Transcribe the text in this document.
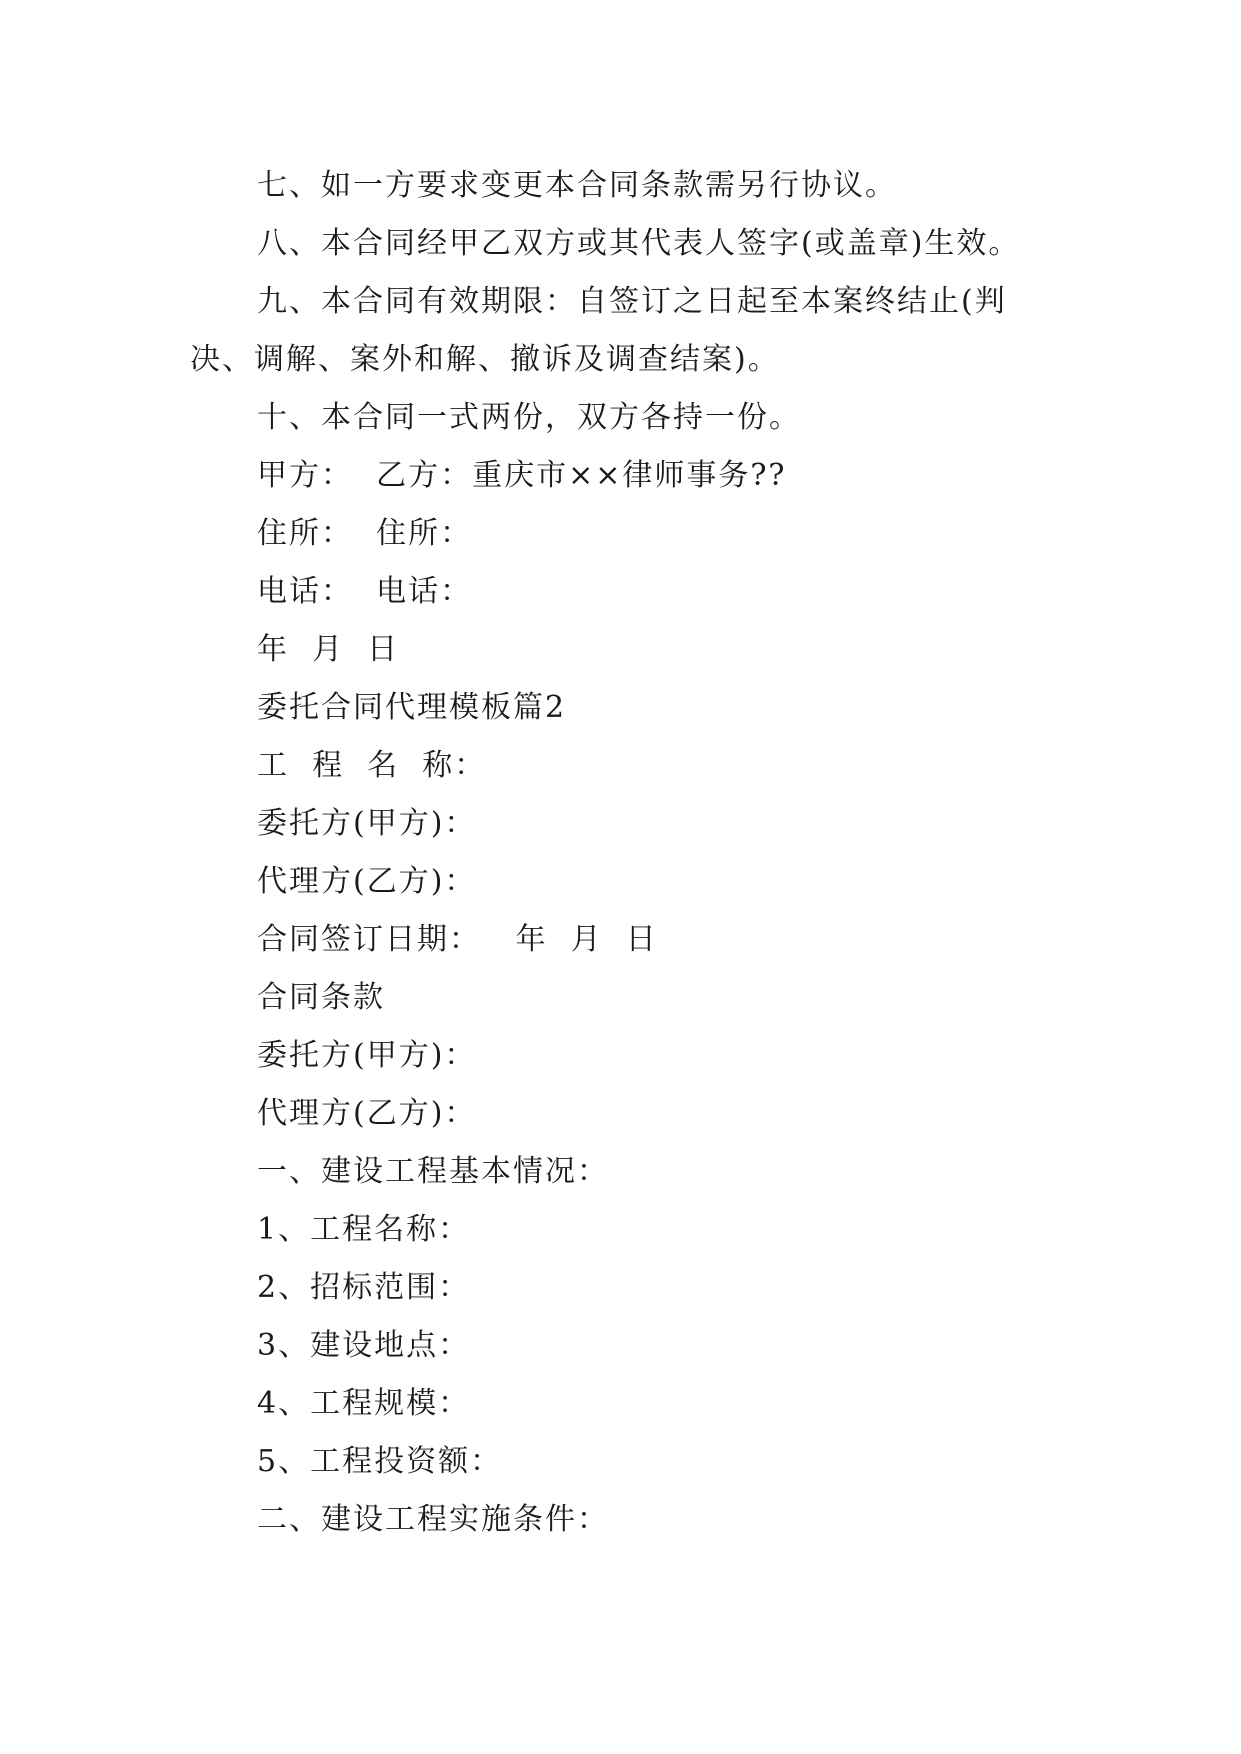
七、如一方要求变更本合同条款需另行协议。
八、本合同经甲乙双方或其代表人签字(或盖章)生效。
九、本合同有效期限：自签订之日起至本案终结止(判
决、调解、案外和解、撤诉及调查结案)。
十、本合同一式两份，双方各持一份。
甲方：  乙方：重庆市××律师事务??
住所：  住所：
电话：  电话：
年  月  日
委托合同代理模板篇2
工  程  名  称：
委托方(甲方)：
代理方(乙方)：
合同签订日期：   年  月  日
合同条款
委托方(甲方)：
代理方(乙方)：
一、建设工程基本情况：
1、工程名称：
2、招标范围：
3、建设地点：
4、工程规模：
5、工程投资额：
二、建设工程实施条件：
